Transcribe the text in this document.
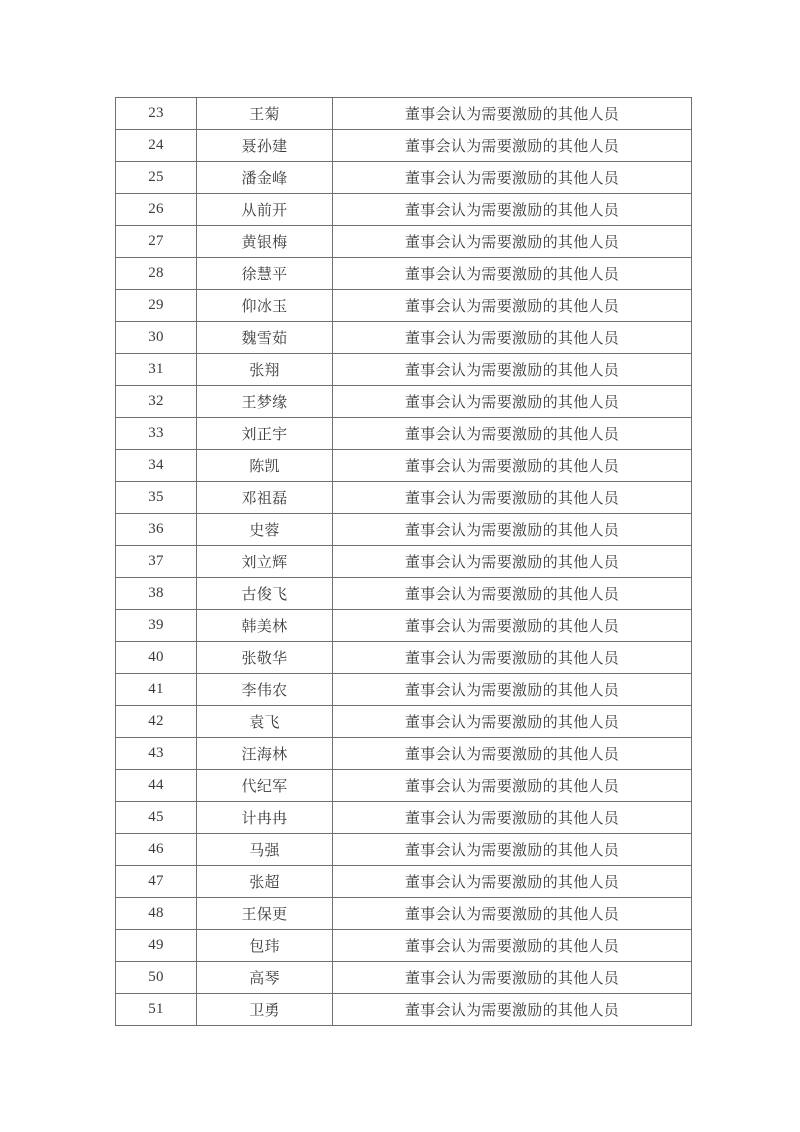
23	王菊	董事会认为需要激励的其他人员
24	聂孙建	董事会认为需要激励的其他人员
25	潘金峰	董事会认为需要激励的其他人员
26	从前开	董事会认为需要激励的其他人员
27	黄银梅	董事会认为需要激励的其他人员
28	徐慧平	董事会认为需要激励的其他人员
29	仰冰玉	董事会认为需要激励的其他人员
30	魏雪茹	董事会认为需要激励的其他人员
31	张翔	董事会认为需要激励的其他人员
32	王梦缘	董事会认为需要激励的其他人员
33	刘正宇	董事会认为需要激励的其他人员
34	陈凯	董事会认为需要激励的其他人员
35	邓祖磊	董事会认为需要激励的其他人员
36	史蓉	董事会认为需要激励的其他人员
37	刘立辉	董事会认为需要激励的其他人员
38	古俊飞	董事会认为需要激励的其他人员
39	韩美林	董事会认为需要激励的其他人员
40	张敬华	董事会认为需要激励的其他人员
41	李伟农	董事会认为需要激励的其他人员
42	袁飞	董事会认为需要激励的其他人员
43	汪海林	董事会认为需要激励的其他人员
44	代纪军	董事会认为需要激励的其他人员
45	计冉冉	董事会认为需要激励的其他人员
46	马强	董事会认为需要激励的其他人员
47	张超	董事会认为需要激励的其他人员
48	王保更	董事会认为需要激励的其他人员
49	包玮	董事会认为需要激励的其他人员
50	高琴	董事会认为需要激励的其他人员
51	卫勇	董事会认为需要激励的其他人员
